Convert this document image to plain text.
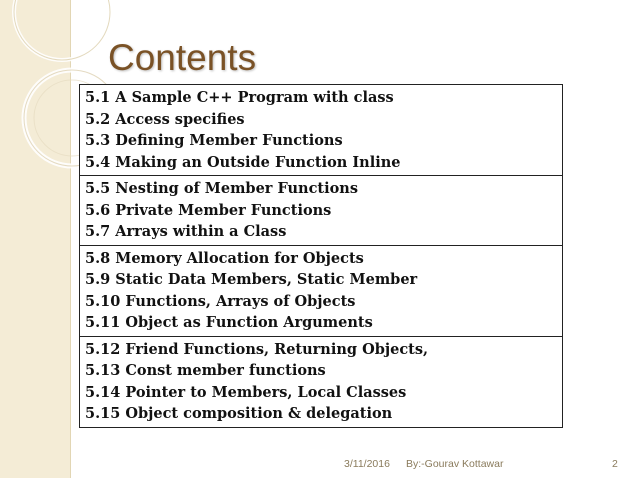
Contents
5.1 A Sample C++ Program with class
5.2 Access specifies
5.3 Defining Member Functions
5.4 Making an Outside Function Inline

5.5 Nesting of Member Functions
5.6 Private Member Functions
5.7 Arrays within a Class

5.8 Memory Allocation for Objects
5.9 Static Data Members, Static Member
5.10 Functions, Arrays of Objects
5.11 Object as Function Arguments

5.12 Friend Functions, Returning Objects,
5.13 Const member functions
5.14 Pointer to Members, Local Classes
5.15 Object composition & delegation
3/11/2016 By:-Gourav Kottawar	2
